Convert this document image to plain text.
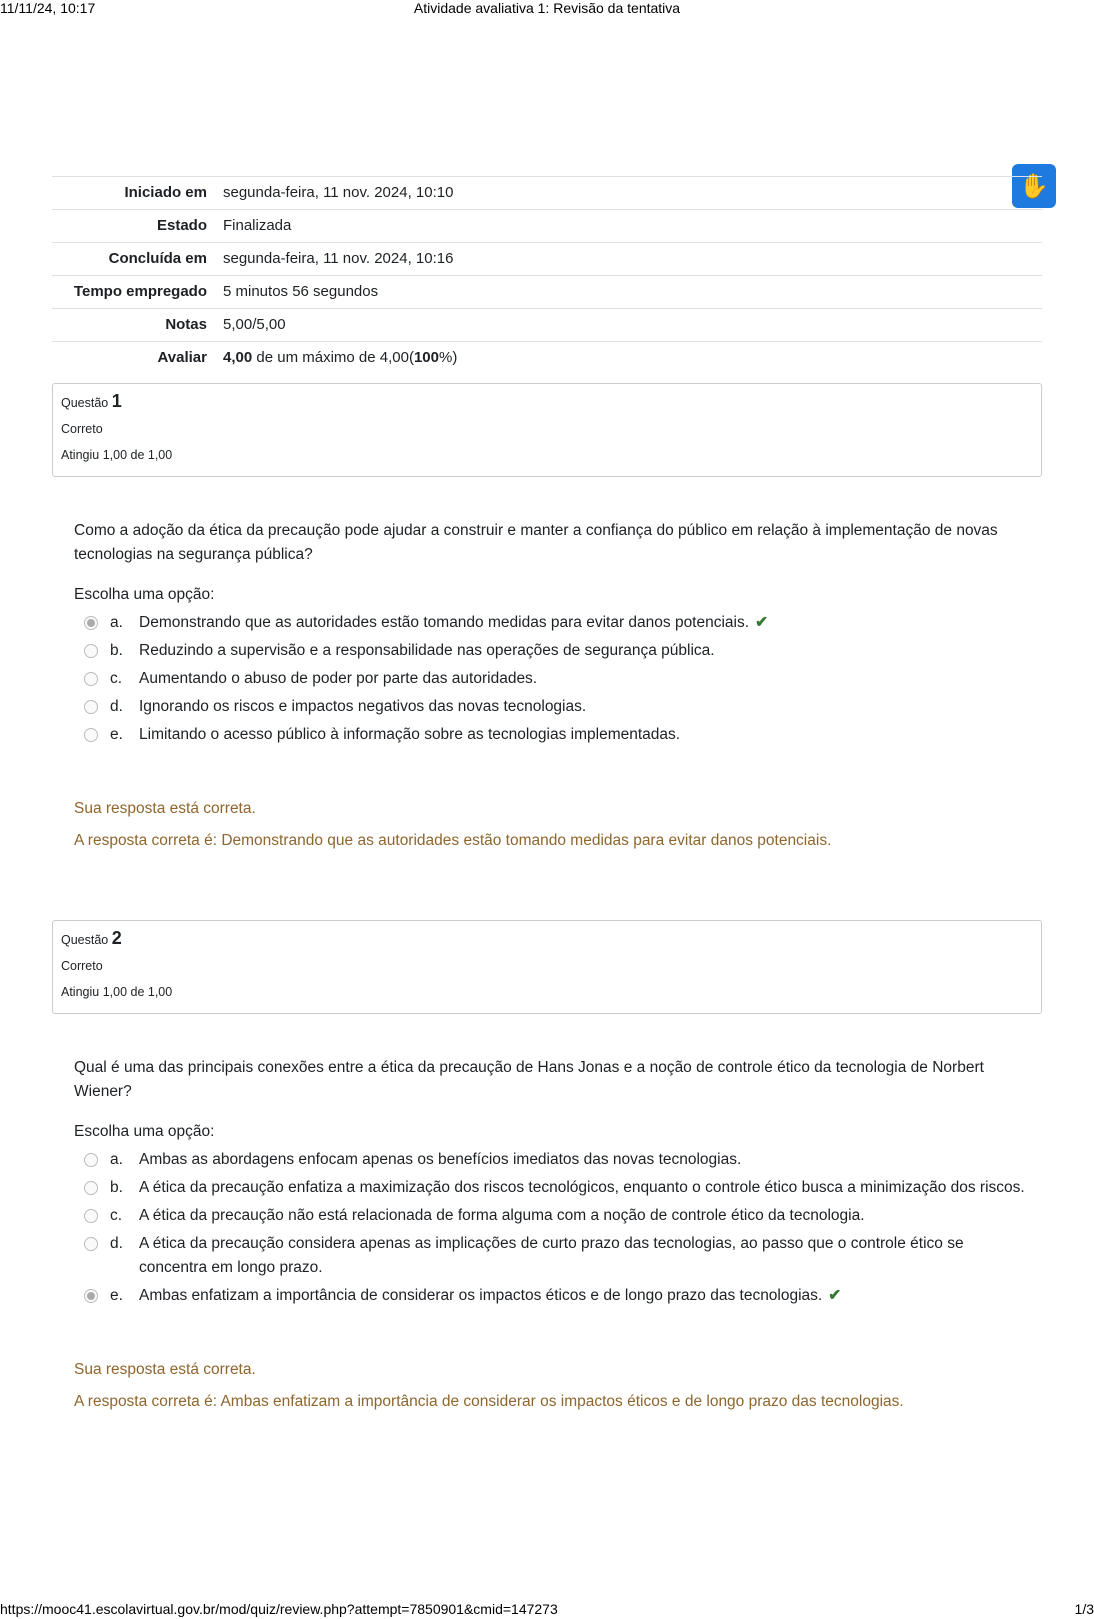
11/11/24, 10:17	Atividade avaliativa 1: Revisão da tentativa
✋
Iniciado em	segunda-feira, 11 nov. 2024, 10:10
Estado	Finalizada
Concluída em	segunda-feira, 11 nov. 2024, 10:16
Tempo empregado	5 minutos 56 segundos
Notas	5,00/5,00
Avaliar	4,00 de um máximo de 4,00(100%)
Questão 1
Correto
Atingiu 1,00 de 1,00
Como a adoção da ética da precaução pode ajudar a construir e manter a confiança do público em relação à implementação de novas tecnologias na segurança pública?
Escolha uma opção:
a.	Demonstrando que as autoridades estão tomando medidas para evitar danos potenciais. ✔
b.	Reduzindo a supervisão e a responsabilidade nas operações de segurança pública.
c.	Aumentando o abuso de poder por parte das autoridades.
d.	Ignorando os riscos e impactos negativos das novas tecnologias.
e.	Limitando o acesso público à informação sobre as tecnologias implementadas.
Sua resposta está correta.
A resposta correta é: Demonstrando que as autoridades estão tomando medidas para evitar danos potenciais.
Questão 2
Correto
Atingiu 1,00 de 1,00
Qual é uma das principais conexões entre a ética da precaução de Hans Jonas e a noção de controle ético da tecnologia de Norbert Wiener?
Escolha uma opção:
a.	Ambas as abordagens enfocam apenas os benefícios imediatos das novas tecnologias.
b.	A ética da precaução enfatiza a maximização dos riscos tecnológicos, enquanto o controle ético busca a minimização dos riscos.
c.	A ética da precaução não está relacionada de forma alguma com a noção de controle ético da tecnologia.
d.	A ética da precaução considera apenas as implicações de curto prazo das tecnologias, ao passo que o controle ético se concentra em longo prazo.
e.	Ambas enfatizam a importância de considerar os impactos éticos e de longo prazo das tecnologias. ✔
Sua resposta está correta.
A resposta correta é: Ambas enfatizam a importância de considerar os impactos éticos e de longo prazo das tecnologias.
https://mooc41.escolavirtual.gov.br/mod/quiz/review.php?attempt=7850901&cmid=147273	1/3
